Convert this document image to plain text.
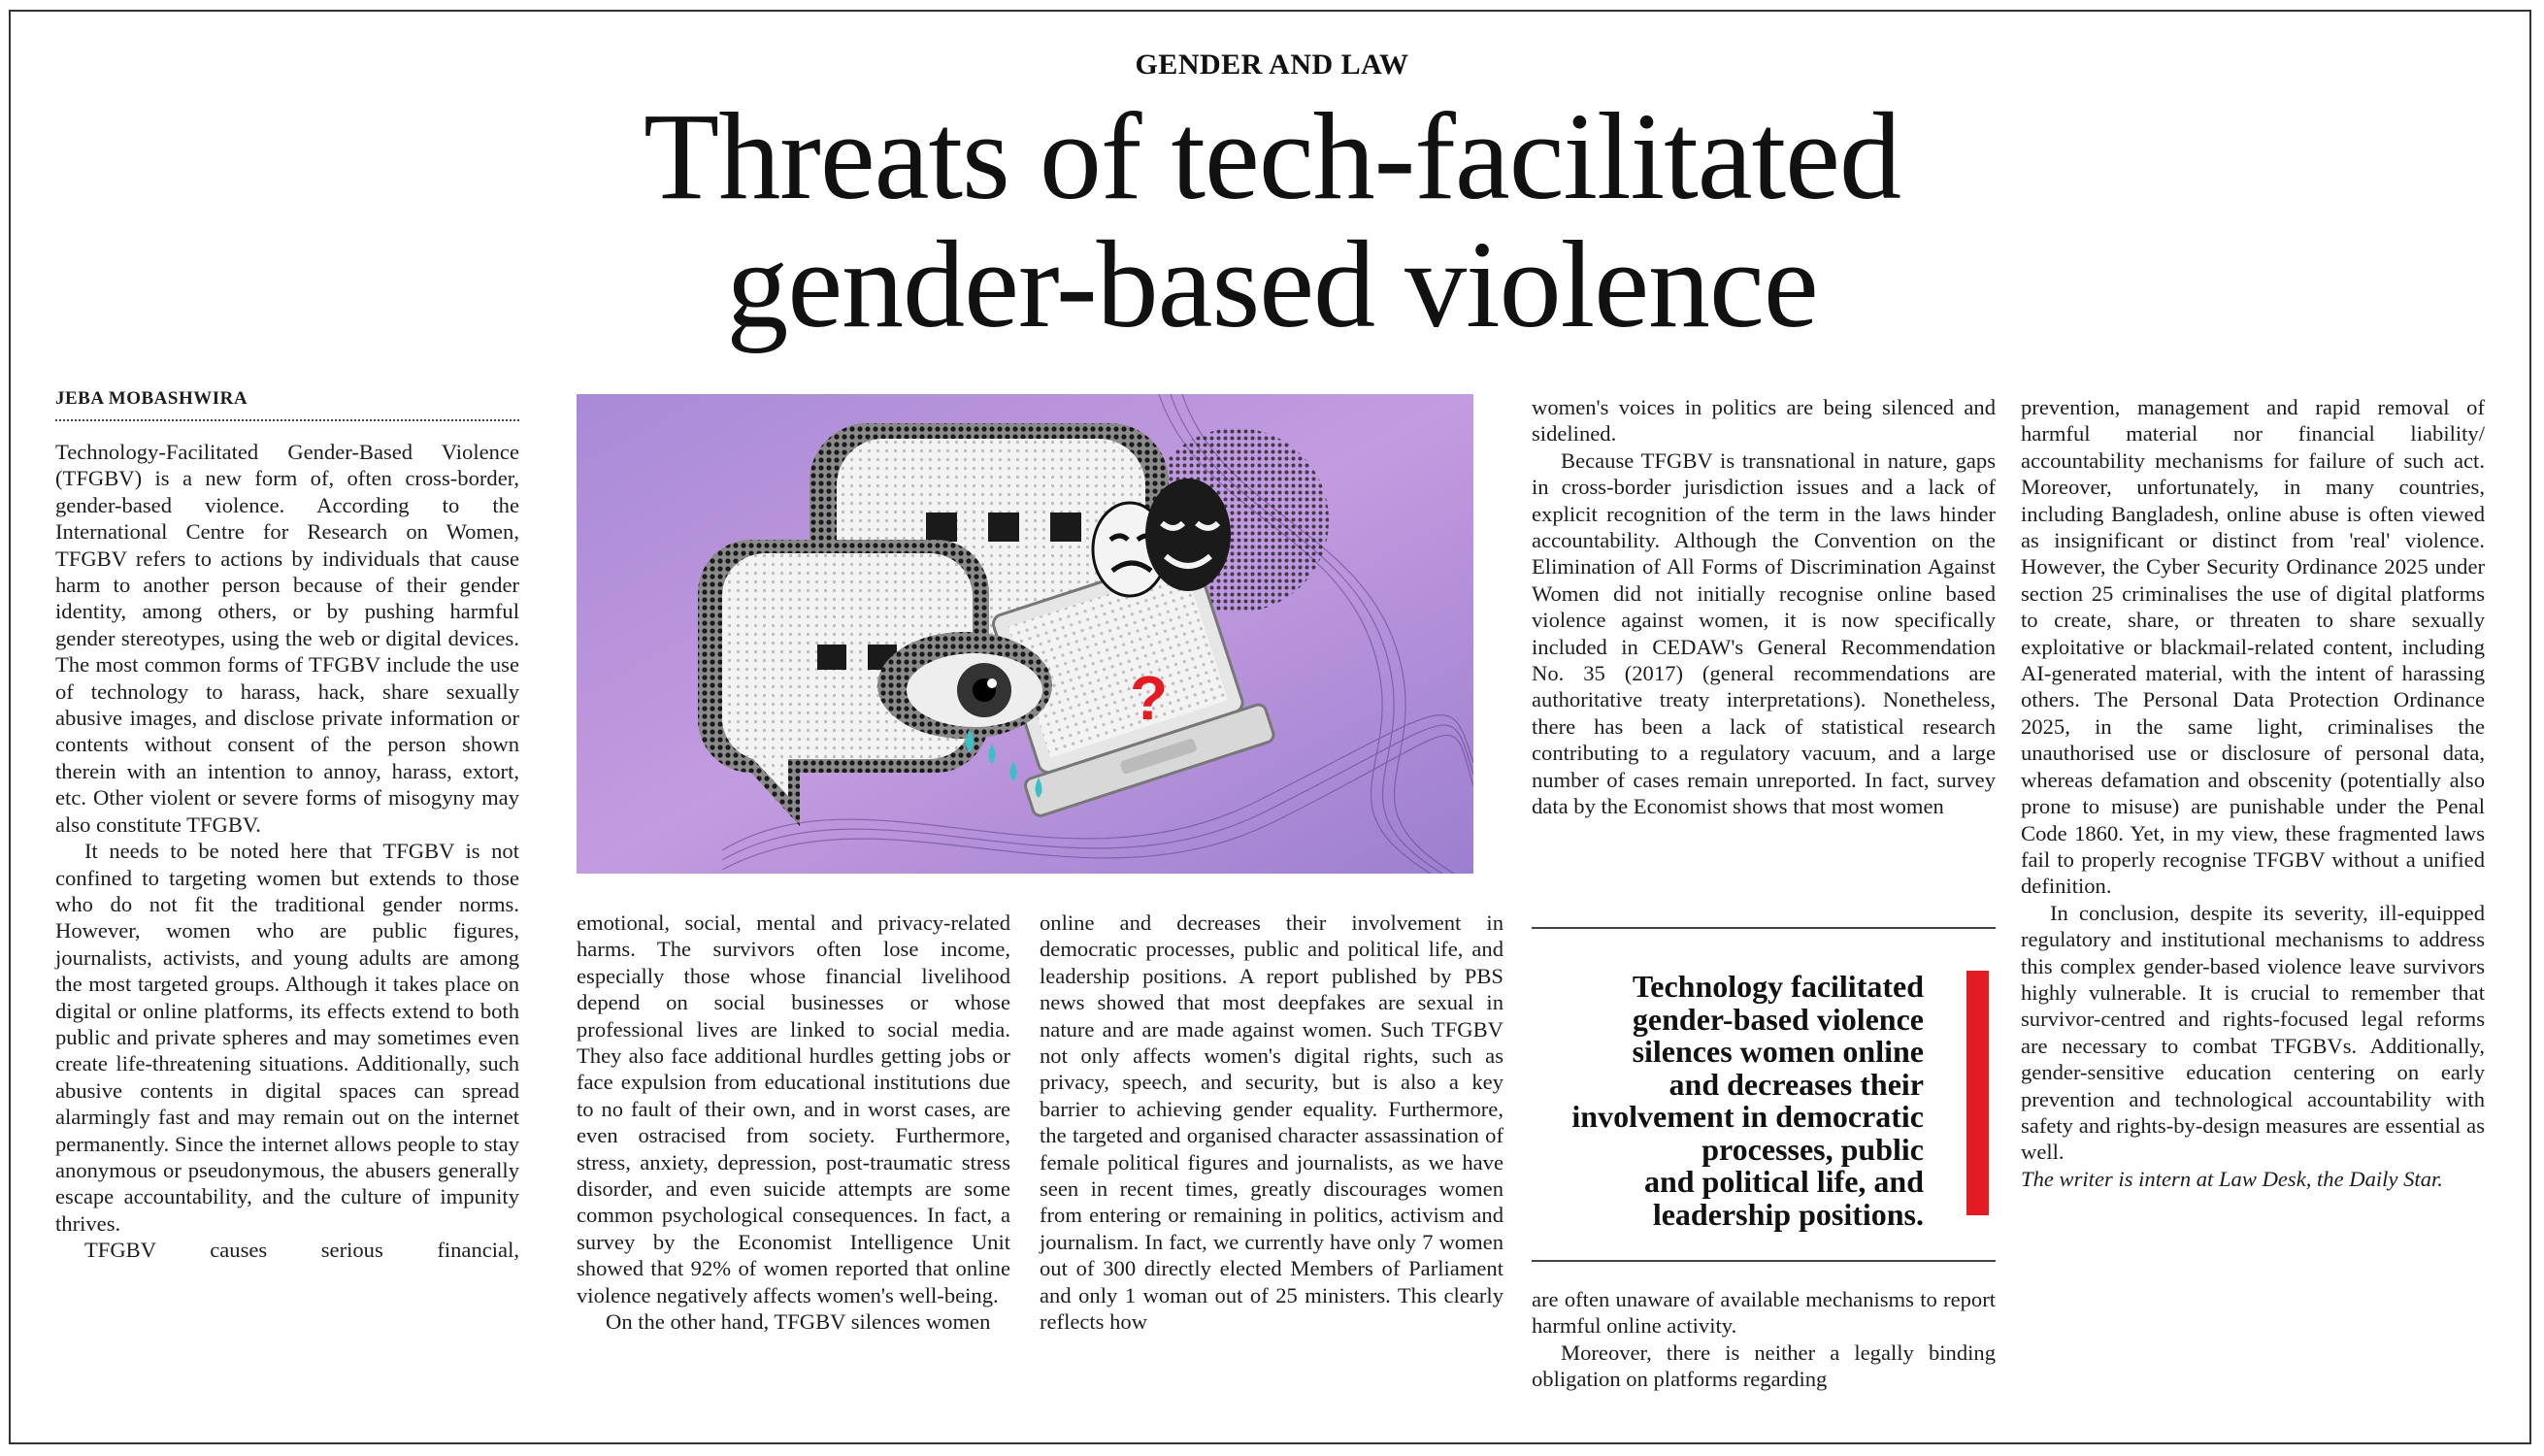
GENDER AND LAW
Threats of tech-facilitated
gender-based violence
JEBA MOBASHWIRA

Technology-Facilitated Gender-Based Violence (TFGBV) is a new form of, often cross-border, gender-based violence. According to the International Centre for Research on Women, TFGBV refers to actions by individuals that cause harm to another person because of their gender identity, among others, or by pushing harmful gender stereotypes, using the web or digital devices. The most common forms of TFGBV include the use of technology to harass, hack, share sexually abusive images, and disclose private information or contents without consent of the person shown therein with an intention to annoy, harass, extort, etc. Other violent or severe forms of misogyny may also constitute TFGBV.

It needs to be noted here that TFGBV is not confined to targeting women but extends to those who do not fit the traditional gender norms. However, women who are public figures, journalists, activists, and young adults are among the most targeted groups. Although it takes place on digital or online platforms, its effects extend to both public and private spheres and may sometimes even create life-threatening situations. Additionally, such abusive contents in digital spaces can spread alarmingly fast and may remain out on the internet permanently. Since the internet allows people to stay anonymous or pseudonymous, the abusers generally escape accountability, and the culture of impunity thrives.

TFGBV causes serious financial,

?

emotional, social, mental and privacy-related harms. The survivors often lose income, especially those whose financial livelihood depend on social businesses or whose professional lives are linked to social media. They also face additional hurdles getting jobs or face expulsion from educational institutions due to no fault of their own, and in worst cases, are even ostracised from society. Furthermore, stress, anxiety, depression, post-traumatic stress disorder, and even suicide attempts are some common psychological consequences. In fact, a survey by the Economist Intelligence Unit showed that 92% of women reported that online violence negatively affects women's well-being.

On the other hand, TFGBV silences women

online and decreases their involvement in democratic processes, public and political life, and leadership positions. A report published by PBS news showed that most deepfakes are sexual in nature and are made against women. Such TFGBV not only affects women's digital rights, such as privacy, speech, and security, but is also a key barrier to achieving gender equality. Furthermore, the targeted and organised character assassination of female political figures and journalists, as we have seen in recent times, greatly discourages women from entering or remaining in politics, activism and journalism. In fact, we currently have only 7 women out of 300 directly elected Members of Parliament and only 1 woman out of 25 ministers. This clearly reflects how

women's voices in politics are being silenced and sidelined.

Because TFGBV is transnational in nature, gaps in cross-border jurisdiction issues and a lack of explicit recognition of the term in the laws hinder accountability. Although the Convention on the Elimination of All Forms of Discrimination Against Women did not initially recognise online based violence against women, it is now specifically included in CEDAW's General Recommendation No. 35 (2017) (general recommendations are authoritative treaty interpretations). Nonetheless, there has been a lack of statistical research contributing to a regulatory vacuum, and a large number of cases remain unreported. In fact, survey data by the Economist shows that most women

Technology facilitated
gender-based violence
silences women online
and decreases their
involvement in democratic
processes, public
and political life, and
leadership positions.

are often unaware of available mechanisms to report harmful online activity.

Moreover, there is neither a legally binding obligation on platforms regarding

prevention, management and rapid removal of harmful material nor financial liability/ accountability mechanisms for failure of such act. Moreover, unfortunately, in many countries, including Bangladesh, online abuse is often viewed as insignificant or distinct from 'real' violence. However, the Cyber Security Ordinance 2025 under section 25 criminalises the use of digital platforms to create, share, or threaten to share sexually exploitative or blackmail-related content, including AI-generated material, with the intent of harassing others. The Personal Data Protection Ordinance 2025, in the same light, criminalises the unauthorised use or disclosure of personal data, whereas defamation and obscenity (potentially also prone to misuse) are punishable under the Penal Code 1860. Yet, in my view, these fragmented laws fail to properly recognise TFGBV without a unified definition.

In conclusion, despite its severity, ill-equipped regulatory and institutional mechanisms to address this complex gender-based violence leave survivors highly vulnerable. It is crucial to remember that survivor-centred and rights-focused legal reforms are necessary to combat TFGBVs. Additionally, gender-sensitive education centering on early prevention and technological accountability with safety and rights-by-design measures are essential as well.

The writer is intern at Law Desk, the Daily Star.
